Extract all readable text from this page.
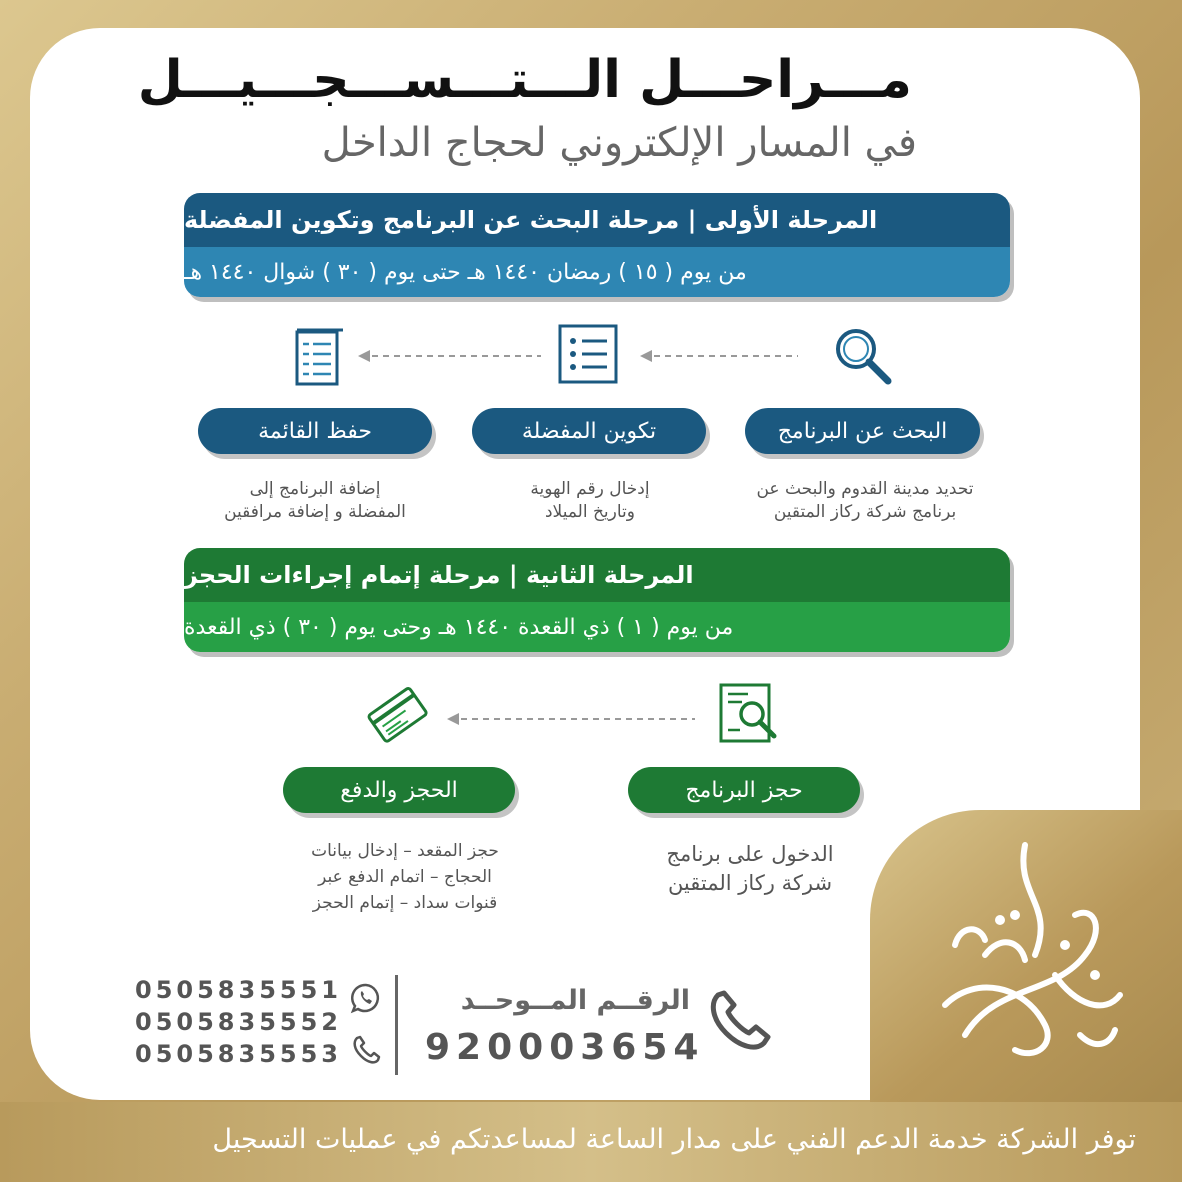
مـــراحـــل الـــتـــســـجـــيـــل
في المسار الإلكتروني لحجاج الداخل
المرحلة الأولى | مرحلة البحث عن البرنامج وتكوين المفضلة
من يوم ( ١٥ ) رمضان ١٤٤٠ هـ حتى يوم ( ٣٠ ) شوال ١٤٤٠ هـ
البحث عن البرنامج
تكوين المفضلة
حفظ القائمة
تحديد مدينة القدوم والبحث عن
برنامج شركة ركاز المتقين
إدخال رقم الهوية
وتاريخ الميلاد
إضافة البرنامج إلى
المفضلة و إضافة مرافقين
المرحلة الثانية | مرحلة إتمام إجراءات الحجز
من يوم ( ١ ) ذي القعدة ١٤٤٠ هـ وحتى يوم ( ٣٠ ) ذي القعدة
حجز البرنامج
الحجز والدفع
الدخول على برنامج
شركة ركاز المتقين
حجز المقعد – إدخال بيانات
الحجاج – اتمام الدفع عبر
قنوات سداد – إتمام الحجز
الرقــم المــوحــد
920003654
0505835551
0505835552
0505835553
توفر الشركة خدمة الدعم الفني على مدار الساعة لمساعدتكم في عمليات التسجيل
